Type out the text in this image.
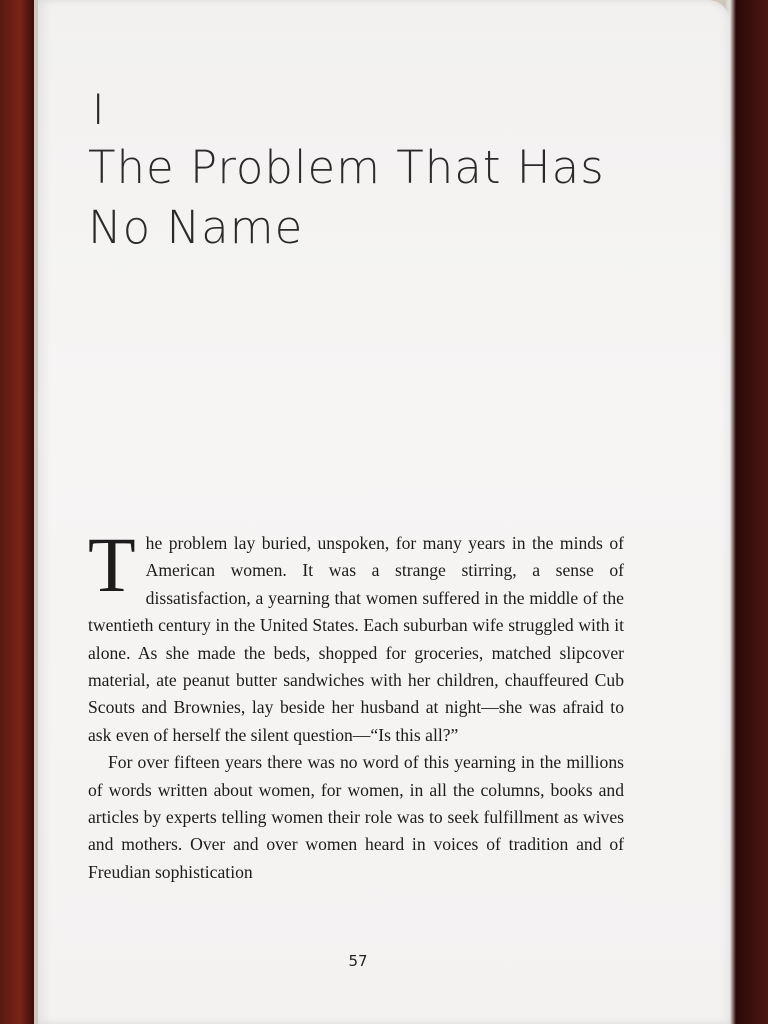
I
The Problem That Has No Name

The problem lay buried, unspoken, for many years in the minds of American women. It was a strange stirring, a sense of dissatisfaction, a yearning that women suffered in the middle of the twentieth century in the United States. Each suburban wife struggled with it alone. As she made the beds, shopped for groceries, matched slipcover material, ate peanut butter sandwiches with her children, chauffeured Cub Scouts and Brownies, lay beside her husband at night—she was afraid to ask even of herself the silent question—“Is this all?”

For over fifteen years there was no word of this yearning in the millions of words written about women, for women, in all the columns, books and articles by experts telling women their role was to seek fulfillment as wives and mothers. Over and over women heard in voices of tradition and of Freudian sophistication

57
